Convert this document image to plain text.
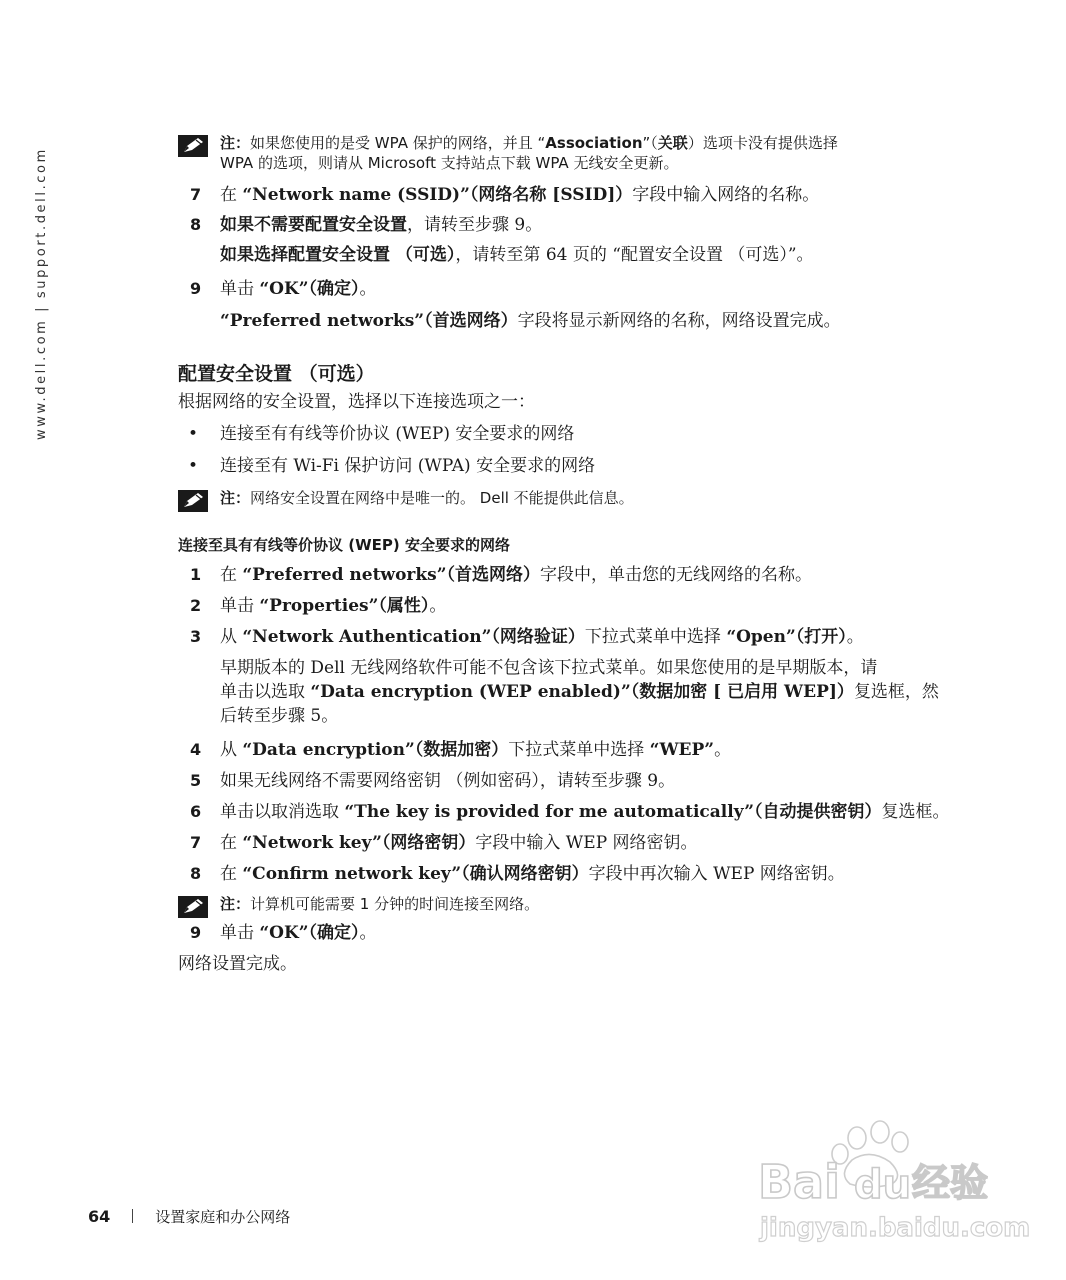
www.dell.com | support.dell.com
注：如果您使用的是受 WPA 保护的网络，并且 “Association”（关联）选项卡没有提供选择
WPA 的选项，则请从 Microsoft 支持站点下载 WPA 无线安全更新。
7 在 “Network name (SSID)”（网络名称 [SSID]）字段中输入网络的名称。
8 如果不需要配置安全设置，请转至步骤 9。
如果选择配置安全设置 （可选），请转至第 64 页的 “配置安全设置 （可选）”。
9 单击 “OK”（确定）。
“Preferred networks”（首选网络）字段将显示新网络的名称，网络设置完成。
配置安全设置 （可选）
根据网络的安全设置，选择以下连接选项之一：
• 连接至有有线等价协议 (WEP) 安全要求的网络
• 连接至有 Wi-Fi 保护访问 (WPA) 安全要求的网络
注：网络安全设置在网络中是唯一的。 Dell 不能提供此信息。
连接至具有有线等价协议 (WEP) 安全要求的网络
1 在 “Preferred networks”（首选网络）字段中，单击您的无线网络的名称。
2 单击 “Properties”（属性）。
3 从 “Network Authentication”（网络验证）下拉式菜单中选择 “Open”（打开）。
早期版本的 Dell 无线网络软件可能不包含该下拉式菜单。如果您使用的是早期版本，请
单击以选取 “Data encryption (WEP enabled)”（数据加密 [ 已启用 WEP]）复选框，然
后转至步骤 5。
4 从 “Data encryption”（数据加密）下拉式菜单中选择 “WEP”。
5 如果无线网络不需要网络密钥 （例如密码），请转至步骤 9。
6 单击以取消选取 “The key is provided for me automatically”（自动提供密钥）复选框。
7 在 “Network key”（网络密钥）字段中输入 WEP 网络密钥。
8 在 “Confirm network key”（确认网络密钥）字段中再次输入 WEP 网络密钥。
注：计算机可能需要 1 分钟的时间连接至网络。
9 单击 “OK”（确定）。
网络设置完成。
64	设置家庭和办公网络
Bai du 经验
jingyan.baidu.com
